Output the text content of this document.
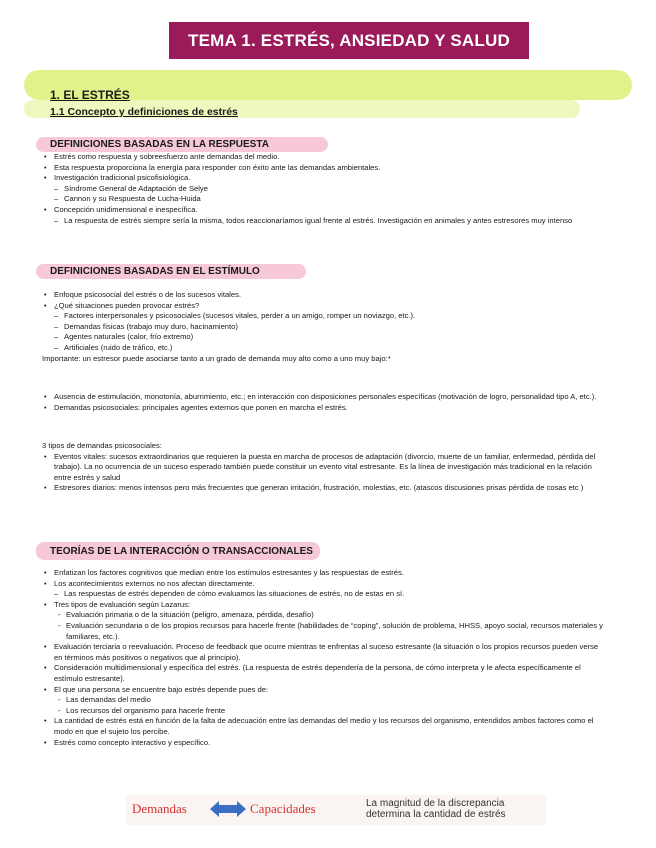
TEMA 1. ESTRÉS, ANSIEDAD Y SALUD
1. EL ESTRÉS
1.1 Concepto y definiciones de estrés
DEFINICIONES BASADAS EN LA RESPUESTA
• Estrés como respuesta y sobreesfuerzo ante demandas del medio.
• Esta respuesta proporciona la energía para responder con éxito ante las demandas ambientales.
• Investigación tradicional psicofisiológica.
– Síndrome General de Adaptación de Selye
– Cannon y su Respuesta de Lucha-Huida
• Concepción unidimensional e inespecífica.
– La respuesta de estrés siempre sería la misma, todos reaccionaríamos igual frente al estrés. Investigación en animales y antes estresores muy intenso
DEFINICIONES BASADAS EN EL ESTÍMULO
• Enfoque psicosocial del estrés o de los sucesos vitales.
• ¿Qué situaciones pueden provocar estrés?
– Factores interpersonales y psicosociales (sucesos vitales, perder a un amigo, romper un noviazgo, etc.).
– Demandas físicas (trabajo muy duro, hacinamiento)
– Agentes naturales (calor, frío extremo)
– Artificiales (ruido de tráfico, etc.)
Importante: un estresor puede asociarse tanto a un grado de demanda muy alto como a uno muy bajo:*
• Ausencia de estimulación, monotonía, aburrimiento, etc.; en interacción con disposiciones personales específicas (motivación de logro, personalidad tipo A, etc.).
• Demandas psicosociales: principales agentes externos que ponen en marcha el estrés.
3 tipos de demandas psicosociales:
• Eventos vitales: sucesos extraordinarios que requieren la puesta en marcha de procesos de adaptación (divorcio, muerte de un familiar, enfermedad, pérdida del trabajo). La no ocurrencia de un suceso esperado también puede constituir un evento vital estresante. Es la línea de investigación más tradicional en la relación entre estrés y salud
• Estresores diarios: menos intensos pero más frecuentes que generan irritación, frustración, molestias, etc. (atascos discusiones prisas pérdida de cosas etc )
TEORÍAS DE LA INTERACCIÓN O TRANSACCIONALES
• Enfatizan los factores cognitivos que median entre los estímulos estresantes y las respuestas de estrés.
• Los acontecimientos externos no nos afectan directamente.
– Las respuestas de estrés dependen de cómo evaluamos las situaciones de estrés, no de estas en sí.
• Tres tipos de evaluación según Lazarus:
- Evaluación primaria o de la situación (peligro, amenaza, pérdida, desafío)
- Evaluación secundaria o de los propios recursos para hacerle frente (habilidades de “coping”, solución de problema, HHSS, apoyo social, recursos materiales y familiares, etc.).
• Evaluación terciaria o reevaluación. Proceso de feedback que ocurre mientras te enfrentas al suceso estresante (la situación o los propios recursos pueden verse en términos más positivos o negativos que al principio).
• Consideración multidimensional y específica del estrés. (La respuesta de estrés dependería de la persona, de cómo interpreta y le afecta específicamente el estímulo estresante).
• El que una persona se encuentre bajo estrés depende pues de:
- Las demandas del medio
- Los recursos del organismo para hacerle frente
• La cantidad de estrés está en función de la falta de adecuación entre las demandas del medio y los recursos del organismo, entendidos ambos factores como el modo en que el sujeto los percibe.
• Estrés como concepto interactivo y específico.
Demandas	Capacidades	La magnitud de la discrepancia
determina la cantidad de estrés
